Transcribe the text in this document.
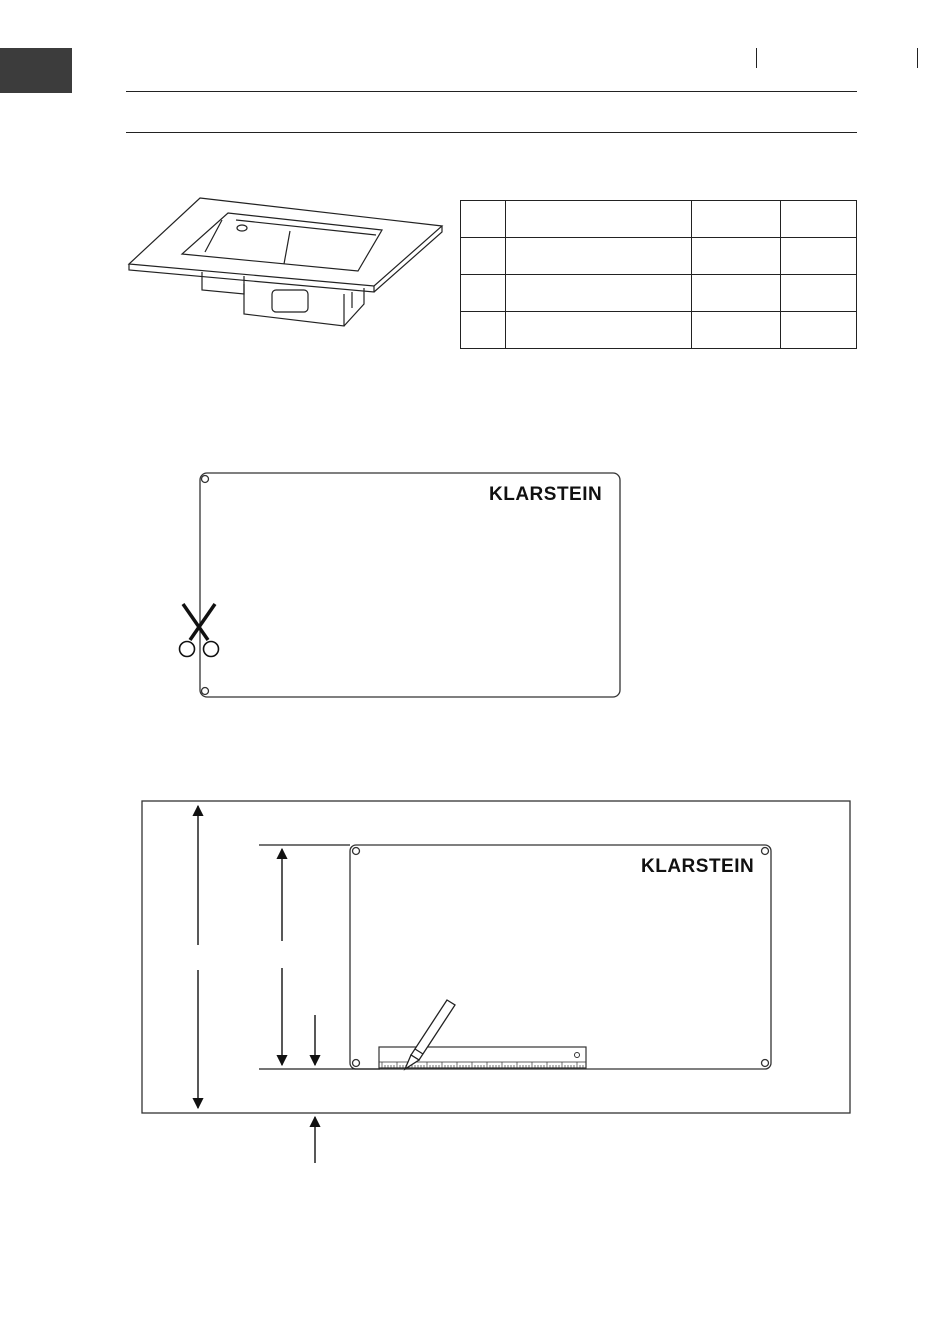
KLARSTEIN
KLARSTEIN
